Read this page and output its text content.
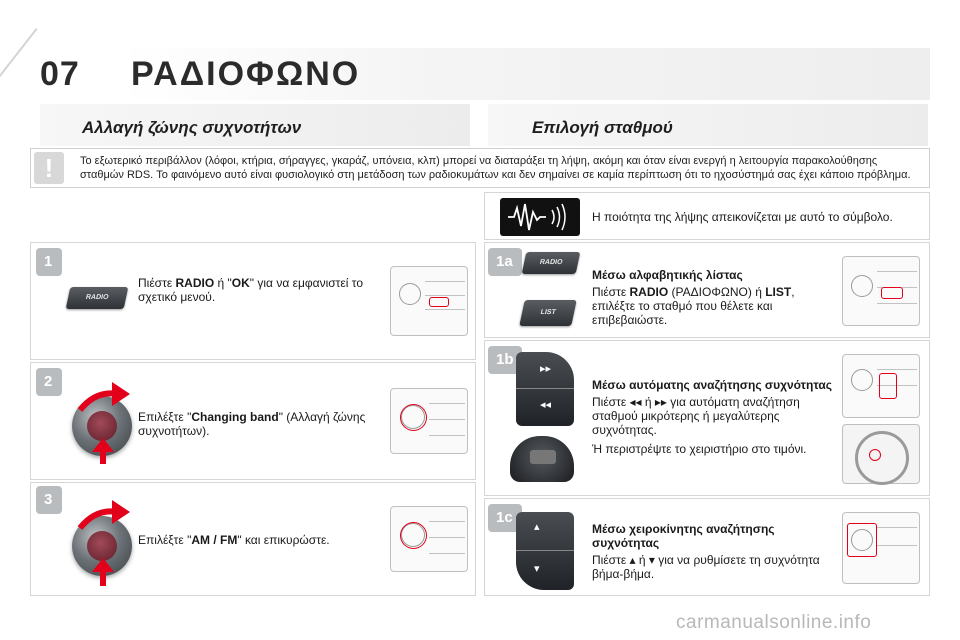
07 ΡΑΔΙΟΦΩΝΟ
Αλλαγή ζώνης συχνοτήτων	Επιλογή σταθμού
!	Το εξωτερικό περιβάλλον (λόφοι, κτήρια, σήραγγες, γκαράζ, υπόνεια, κλπ) μπορεί να διαταράξει τη λήψη, ακόμη και όταν είναι ενεργή η λειτουργία παρακολούθησης σταθμών RDS. Το φαινόμενο αυτό είναι φυσιολογικό στη μετάδοση των ραδιοκυμάτων και δεν σημαίνει σε καμία περίπτωση ότι το ηχοσύστημά σας έχει κάποιο πρόβλημα.
Η ποιότητα της λήψης απεικονίζεται με αυτό το σύμβολο.
1
RADIO
Πιέστε RADIO ή "OK" για να εμφανιστεί το σχετικό μενού.
2
Επιλέξτε "Changing band" (Αλλαγή ζώνης συχνοτήτων).
3
Επιλέξτε "AM / FM" και επικυρώστε.
1a	RADIO
LIST
Μέσω αλφαβητικής λίστας
Πιέστε RADIO (ΡΑΔΙΟΦΩΝΟ) ή LIST, επιλέξτε το σταθμό που θέλετε και επιβεβαιώστε.
1b
▸▸
◂◂
Μέσω αυτόματης αναζήτησης συχνότητας
Πιέστε ◂◂ ή ▸▸ για αυτόματη αναζήτηση σταθμού μικρότερης ή μεγαλύτερης συχνότητας.
Ή περιστρέψτε το χειριστήριο στο τιμόνι.
1c
▴
▾
Μέσω χειροκίνητης αναζήτησης συχνότητας
Πιέστε ▴ ή ▾ για να ρυθμίσετε τη συχνότητα βήμα-βήμα.
carmanualsonline.info
